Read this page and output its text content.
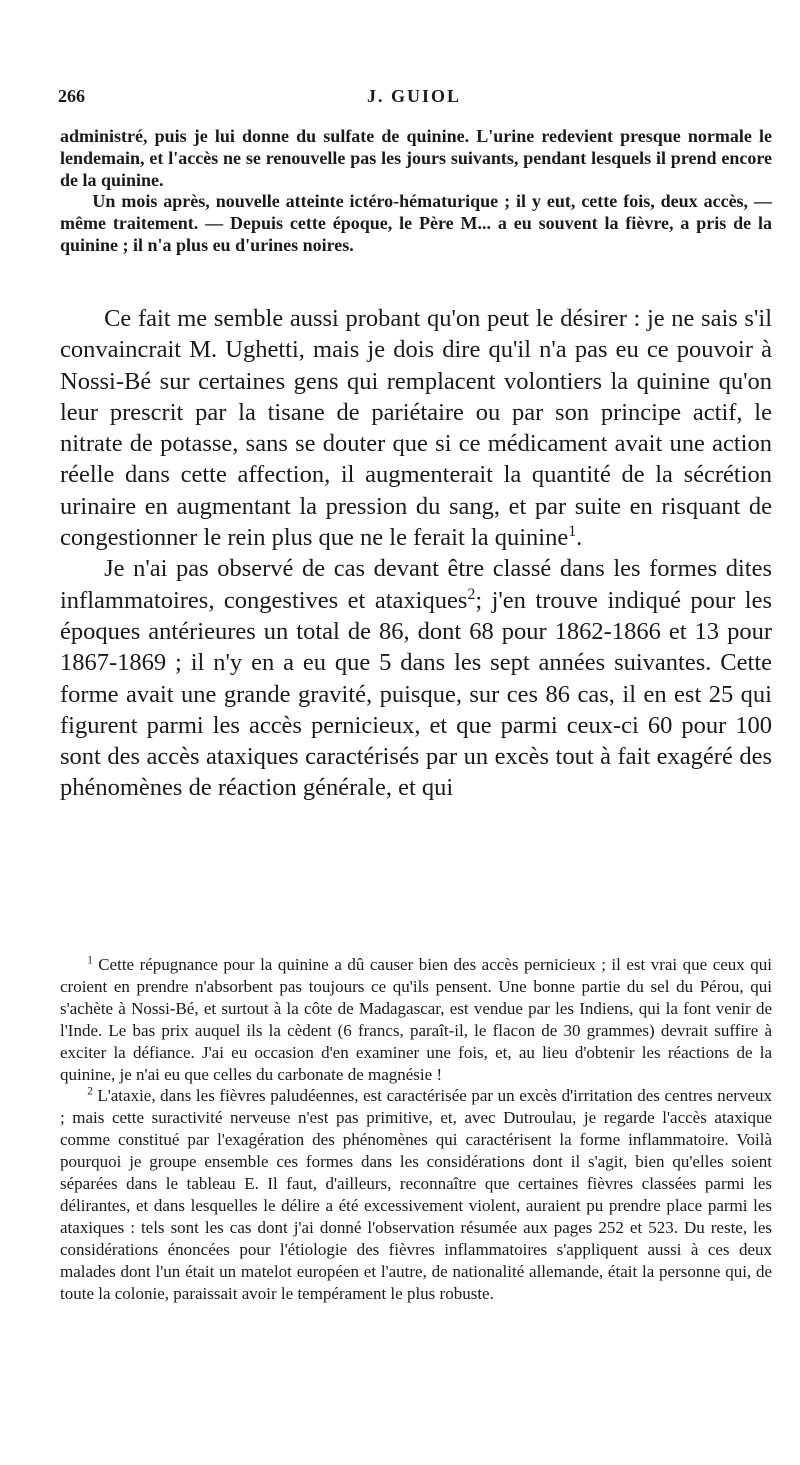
266	J. GUIOL

administré, puis je lui donne du sulfate de quinine. L'urine redevient presque normale le lendemain, et l'accès ne se renouvelle pas les jours suivants, pendant lesquels il prend encore de la quinine.

Un mois après, nouvelle atteinte ictéro-hématurique ; il y eut, cette fois, deux accès, — même traitement. — Depuis cette époque, le Père M... a eu souvent la fièvre, a pris de la quinine ; il n'a plus eu d'urines noires.

Ce fait me semble aussi probant qu'on peut le désirer : je ne sais s'il convaincrait M. Ughetti, mais je dois dire qu'il n'a pas eu ce pouvoir à Nossi-Bé sur certaines gens qui remplacent volontiers la quinine qu'on leur prescrit par la tisane de pariétaire ou par son principe actif, le nitrate de potasse, sans se douter que si ce médicament avait une action réelle dans cette affection, il augmenterait la quantité de la sécrétion urinaire en augmentant la pression du sang, et par suite en risquant de congestionner le rein plus que ne le ferait la quinine$^1$.

Je n'ai pas observé de cas devant être classé dans les formes dites inflammatoires, congestives et ataxiques$^2$; j'en trouve indiqué pour les époques antérieures un total de 86, dont 68 pour 1862-1866 et 13 pour 1867-1869 ; il n'y en a eu que 5 dans les sept années suivantes. Cette forme avait une grande gravité, puisque, sur ces 86 cas, il en est 25 qui figurent parmi les accès pernicieux, et que parmi ceux-ci 60 pour 100 sont des accès ataxiques caractérisés par un excès tout à fait exagéré des phénomènes de réaction générale, et qui

$^1$ Cette répugnance pour la quinine a dû causer bien des accès pernicieux ; il est vrai que ceux qui croient en prendre n'absorbent pas toujours ce qu'ils pensent. Une bonne partie du sel du Pérou, qui s'achète à Nossi-Bé, et surtout à la côte de Madagascar, est vendue par les Indiens, qui la font venir de l'Inde. Le bas prix auquel ils la cèdent (6 francs, paraît-il, le flacon de 30 grammes) devrait suffire à exciter la défiance. J'ai eu occasion d'en examiner une fois, et, au lieu d'obtenir les réactions de la quinine, je n'ai eu que celles du carbonate de magnésie !

$^2$ L'ataxie, dans les fièvres paludéennes, est caractérisée par un excès d'irritation des centres nerveux ; mais cette suractivité nerveuse n'est pas primitive, et, avec Dutroulau, je regarde l'accès ataxique comme constitué par l'exagération des phénomènes qui caractérisent la forme inflammatoire. Voilà pourquoi je groupe ensemble ces formes dans les considérations dont il s'agit, bien qu'elles soient séparées dans le tableau E. Il faut, d'ailleurs, reconnaître que certaines fièvres classées parmi les délirantes, et dans lesquelles le délire a été excessivement violent, auraient pu prendre place parmi les ataxiques : tels sont les cas dont j'ai donné l'observation résumée aux pages 252 et 523. Du reste, les considérations énoncées pour l'étiologie des fièvres inflammatoires s'appliquent aussi à ces deux malades dont l'un était un matelot européen et l'autre, de nationalité allemande, était la personne qui, de toute la colonie, paraissait avoir le tempérament le plus robuste.
